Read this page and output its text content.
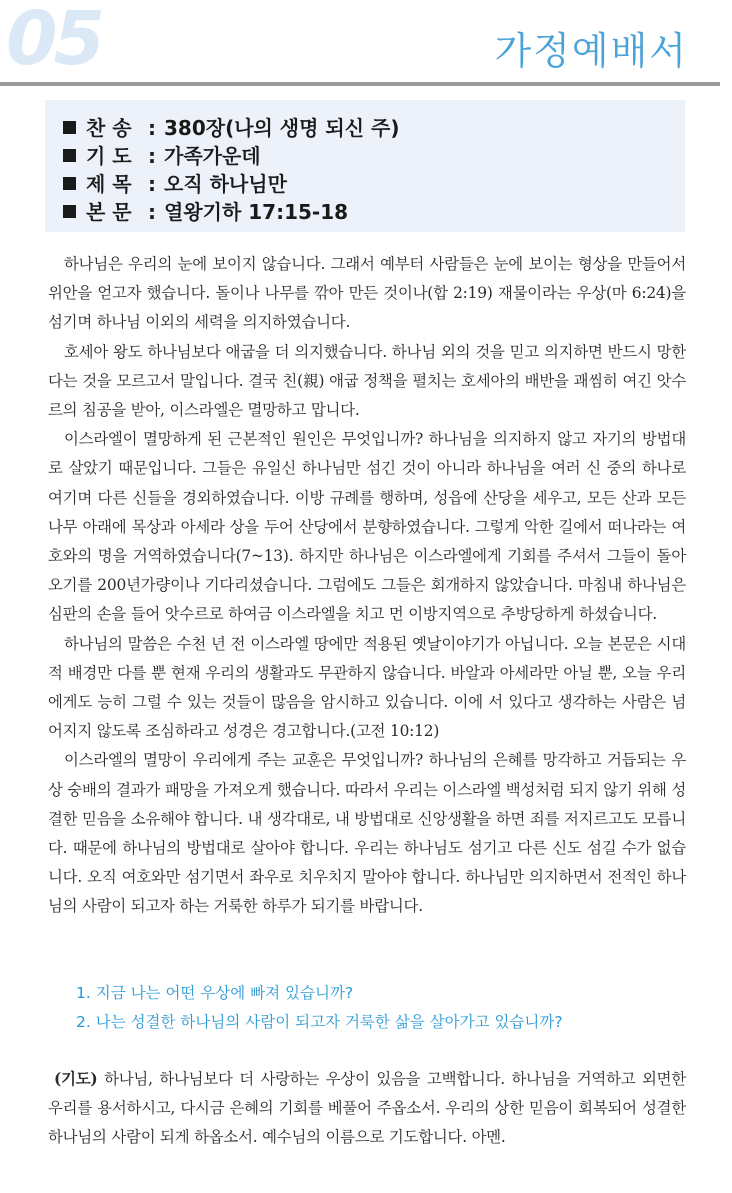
05	가정예배서
찬 송 : 380장(나의 생명 되신 주)
기 도 : 가족가운데
제 목 : 오직 하나님만
본 문 : 열왕기하 17:15-18

하나님은 우리의 눈에 보이지 않습니다. 그래서 예부터 사람들은 눈에 보이는 형상을 만들어서 위안을 얻고자 했습니다. 돌이나 나무를 깎아 만든 것이나(합 2:19) 재물이라는 우상(마 6:24)을 섬기며 하나님 이외의 세력을 의지하였습니다.

호세아 왕도 하나님보다 애굽을 더 의지했습니다. 하나님 외의 것을 믿고 의지하면 반드시 망한다는 것을 모르고서 말입니다. 결국 친(親) 애굽 정책을 펼치는 호세아의 배반을 괘씸히 여긴 앗수르의 침공을 받아, 이스라엘은 멸망하고 맙니다.

이스라엘이 멸망하게 된 근본적인 원인은 무엇입니까? 하나님을 의지하지 않고 자기의 방법대로 살았기 때문입니다. 그들은 유일신 하나님만 섬긴 것이 아니라 하나님을 여러 신 중의 하나로 여기며 다른 신들을 경외하였습니다. 이방 규례를 행하며, 성읍에 산당을 세우고, 모든 산과 모든 나무 아래에 목상과 아세라 상을 두어 산당에서 분향하였습니다. 그렇게 악한 길에서 떠나라는 여호와의 명을 거역하였습니다(7~13). 하지만 하나님은 이스라엘에게 기회를 주셔서 그들이 돌아오기를 200년가량이나 기다리셨습니다. 그럼에도 그들은 회개하지 않았습니다. 마침내 하나님은 심판의 손을 들어 앗수르로 하여금 이스라엘을 치고 먼 이방지역으로 추방당하게 하셨습니다.

하나님의 말씀은 수천 년 전 이스라엘 땅에만 적용된 옛날이야기가 아닙니다. 오늘 본문은 시대적 배경만 다를 뿐 현재 우리의 생활과도 무관하지 않습니다. 바알과 아세라만 아닐 뿐, 오늘 우리에게도 능히 그럴 수 있는 것들이 많음을 암시하고 있습니다. 이에 서 있다고 생각하는 사람은 넘어지지 않도록 조심하라고 성경은 경고합니다.(고전 10:12)

이스라엘의 멸망이 우리에게 주는 교훈은 무엇입니까? 하나님의 은혜를 망각하고 거듭되는 우상 숭배의 결과가 패망을 가져오게 했습니다. 따라서 우리는 이스라엘 백성처럼 되지 않기 위해 성결한 믿음을 소유해야 합니다. 내 생각대로, 내 방법대로 신앙생활을 하면 죄를 저지르고도 모릅니다. 때문에 하나님의 방법대로 살아야 합니다. 우리는 하나님도 섬기고 다른 신도 섬길 수가 없습니다. 오직 여호와만 섬기면서 좌우로 치우치지 말아야 합니다. 하나님만 의지하면서 전적인 하나님의 사람이 되고자 하는 거룩한 하루가 되기를 바랍니다.

1. 지금 나는 어떤 우상에 빠져 있습니까?
2. 나는 성결한 하나님의 사람이 되고자 거룩한 삶을 살아가고 있습니까?
(기도) 하나님, 하나님보다 더 사랑하는 우상이 있음을 고백합니다. 하나님을 거역하고 외면한 우리를 용서하시고, 다시금 은혜의 기회를 베풀어 주옵소서. 우리의 상한 믿음이 회복되어 성결한 하나님의 사람이 되게 하옵소서. 예수님의 이름으로 기도합니다. 아멘.
